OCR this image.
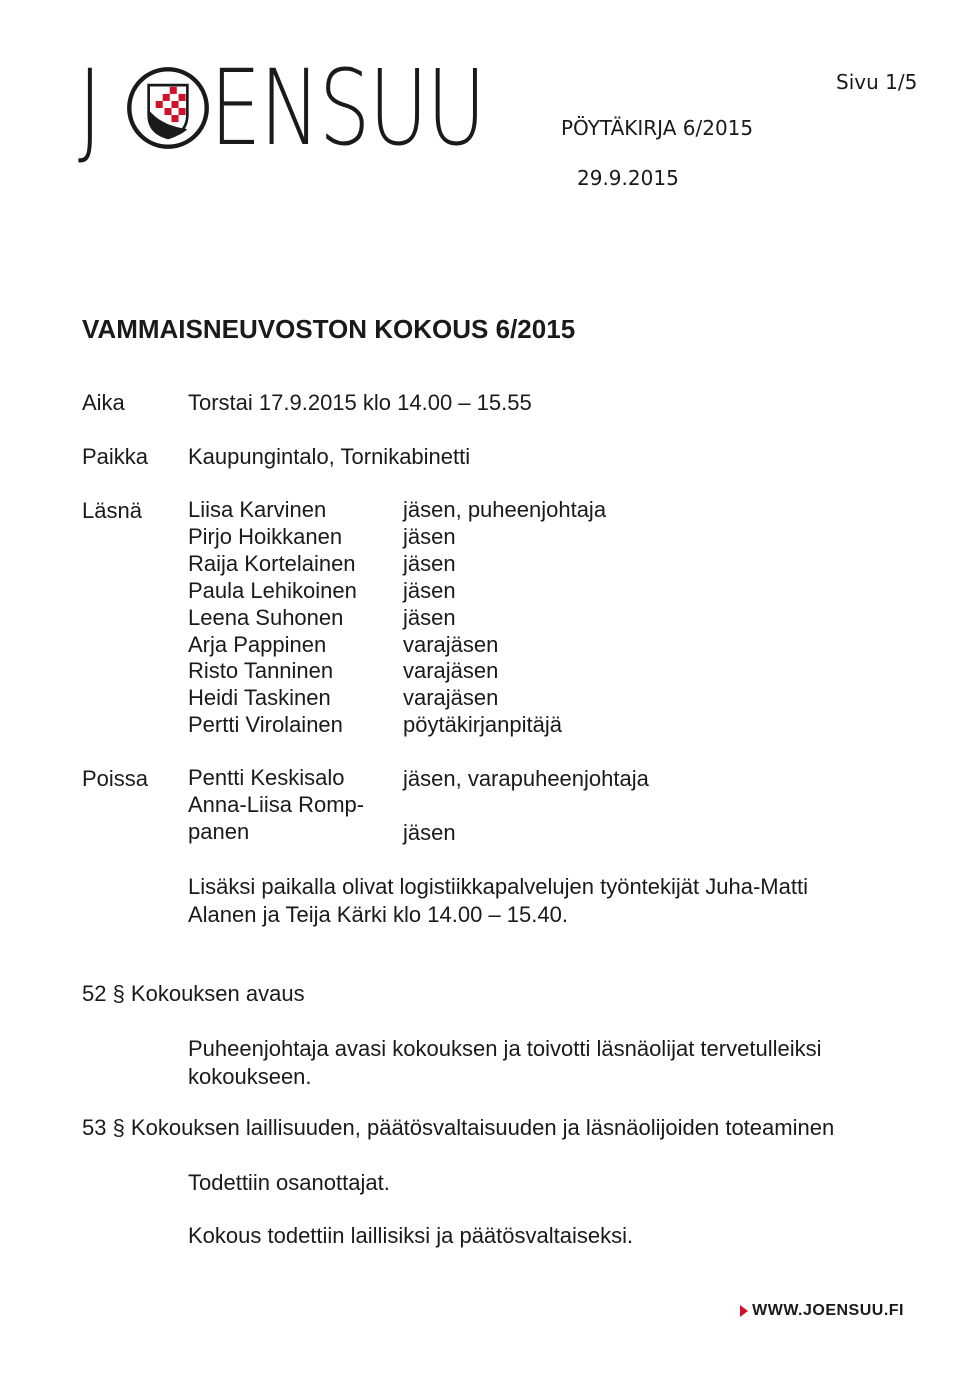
J ENSUU	Sivu 1/5
PÖYTÄKIRJA 6/2015
29.9.2015
VAMMAISNEUVOSTON KOKOUS 6/2015
Aika	Torstai 17.9.2015 klo 14.00 – 15.55
Paikka Kaupungintalo, Tornikabinetti
Läsnä Liisa Karvinen
Pirjo Hoikkanen
Raija Kortelainen
Paula Lehikoinen
Leena Suhonen
Arja Pappinen
Risto Tanninen
Heidi Taskinen
Pertti Virolainen
jäsen, puheenjohtaja
jäsen
jäsen
jäsen
jäsen
varajäsen
varajäsen
varajäsen
pöytäkirjanpitäjä
Poissa Pentti Keskisalo
Anna-Liisa Romp-
panen
jäsen, varapuheenjohtaja
jäsen
Lisäksi paikalla olivat logistiikkapalvelujen työntekijät Juha-Matti
Alanen ja Teija Kärki klo 14.00 – 15.40.
52 § Kokouksen avaus
Puheenjohtaja avasi kokouksen ja toivotti läsnäolijat tervetulleiksi
kokoukseen.
53 § Kokouksen laillisuuden, päätösvaltaisuuden ja läsnäolijoiden toteaminen
Todettiin osanottajat.
Kokous todettiin laillisiksi ja päätösvaltaiseksi.
WWW.JOENSUU.FI
